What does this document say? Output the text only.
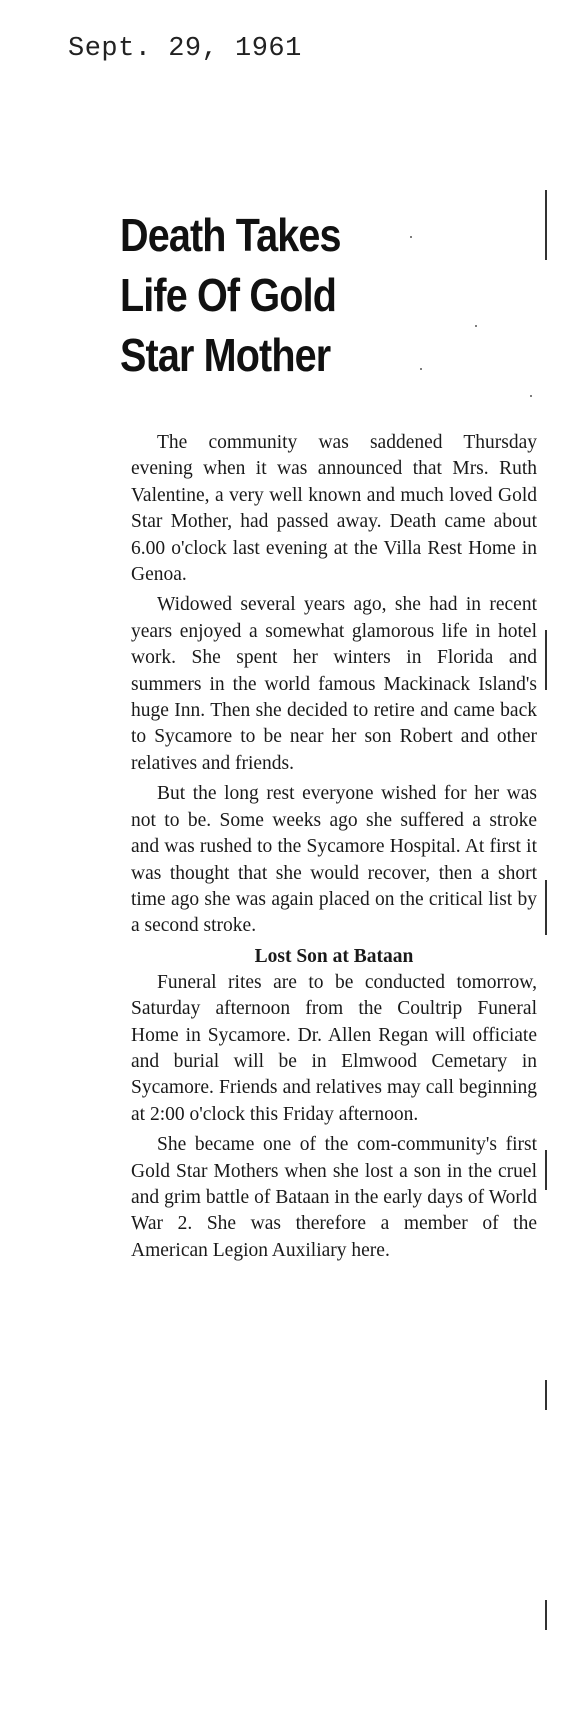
Sept. 29, 1961
Death Takes
Life Of Gold
Star Mother

The community was saddened Thursday evening when it was announced that Mrs. Ruth Valentine, a very well known and much loved Gold Star Mother, had passed away. Death came about 6.00 o'clock last evening at the Villa Rest Home in Genoa.

Widowed several years ago, she had in recent years enjoyed a somewhat glamorous life in hotel work. She spent her winters in Florida and summers in the world famous Mackinack Island's huge Inn. Then she decided to retire and came back to Sycamore to be near her son Robert and other relatives and friends.

But the long rest everyone wished for her was not to be. Some weeks ago she suffered a stroke and was rushed to the Sycamore Hospital. At first it was thought that she would recover, then a short time ago she was again placed on the critical list by a second stroke.

Lost Son at Bataan

Funeral rites are to be conducted tomorrow, Saturday afternoon from the Coultrip Funeral Home in Sycamore. Dr. Allen Regan will officiate and burial will be in Elmwood Cemetary in Sycamore. Friends and relatives may call beginning at 2:00 o'clock this Friday afternoon.

She became one of the com-community's first Gold Star Mothers when she lost a son in the cruel and grim battle of Bataan in the early days of World War 2. She was therefore a member of the American Legion Auxiliary here.
